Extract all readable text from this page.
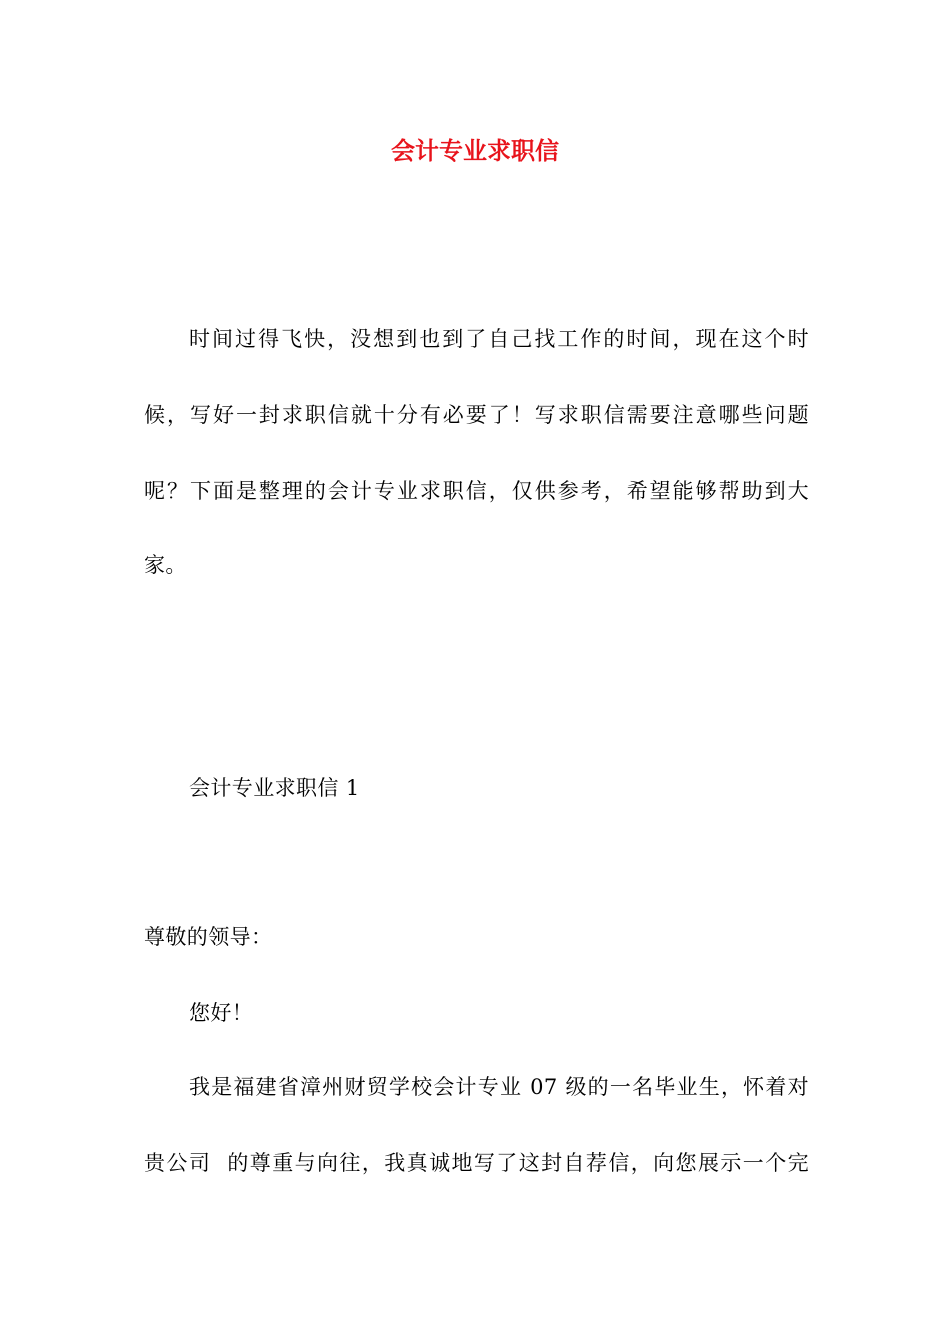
会计专业求职信
时间过得飞快，没想到也到了自己找工作的时间，现在这个时
候，写好一封求职信就十分有必要了！写求职信需要注意哪些问题
呢？下面是整理的会计专业求职信，仅供参考，希望能够帮助到大
家。
会计专业求职信 1
尊敬的领导：
您好！
我是福建省漳州财贸学校会计专业 07 级的一名毕业生，怀着对
贵公司  的尊重与向往，我真诚地写了这封自荐信，向您展示一个完
